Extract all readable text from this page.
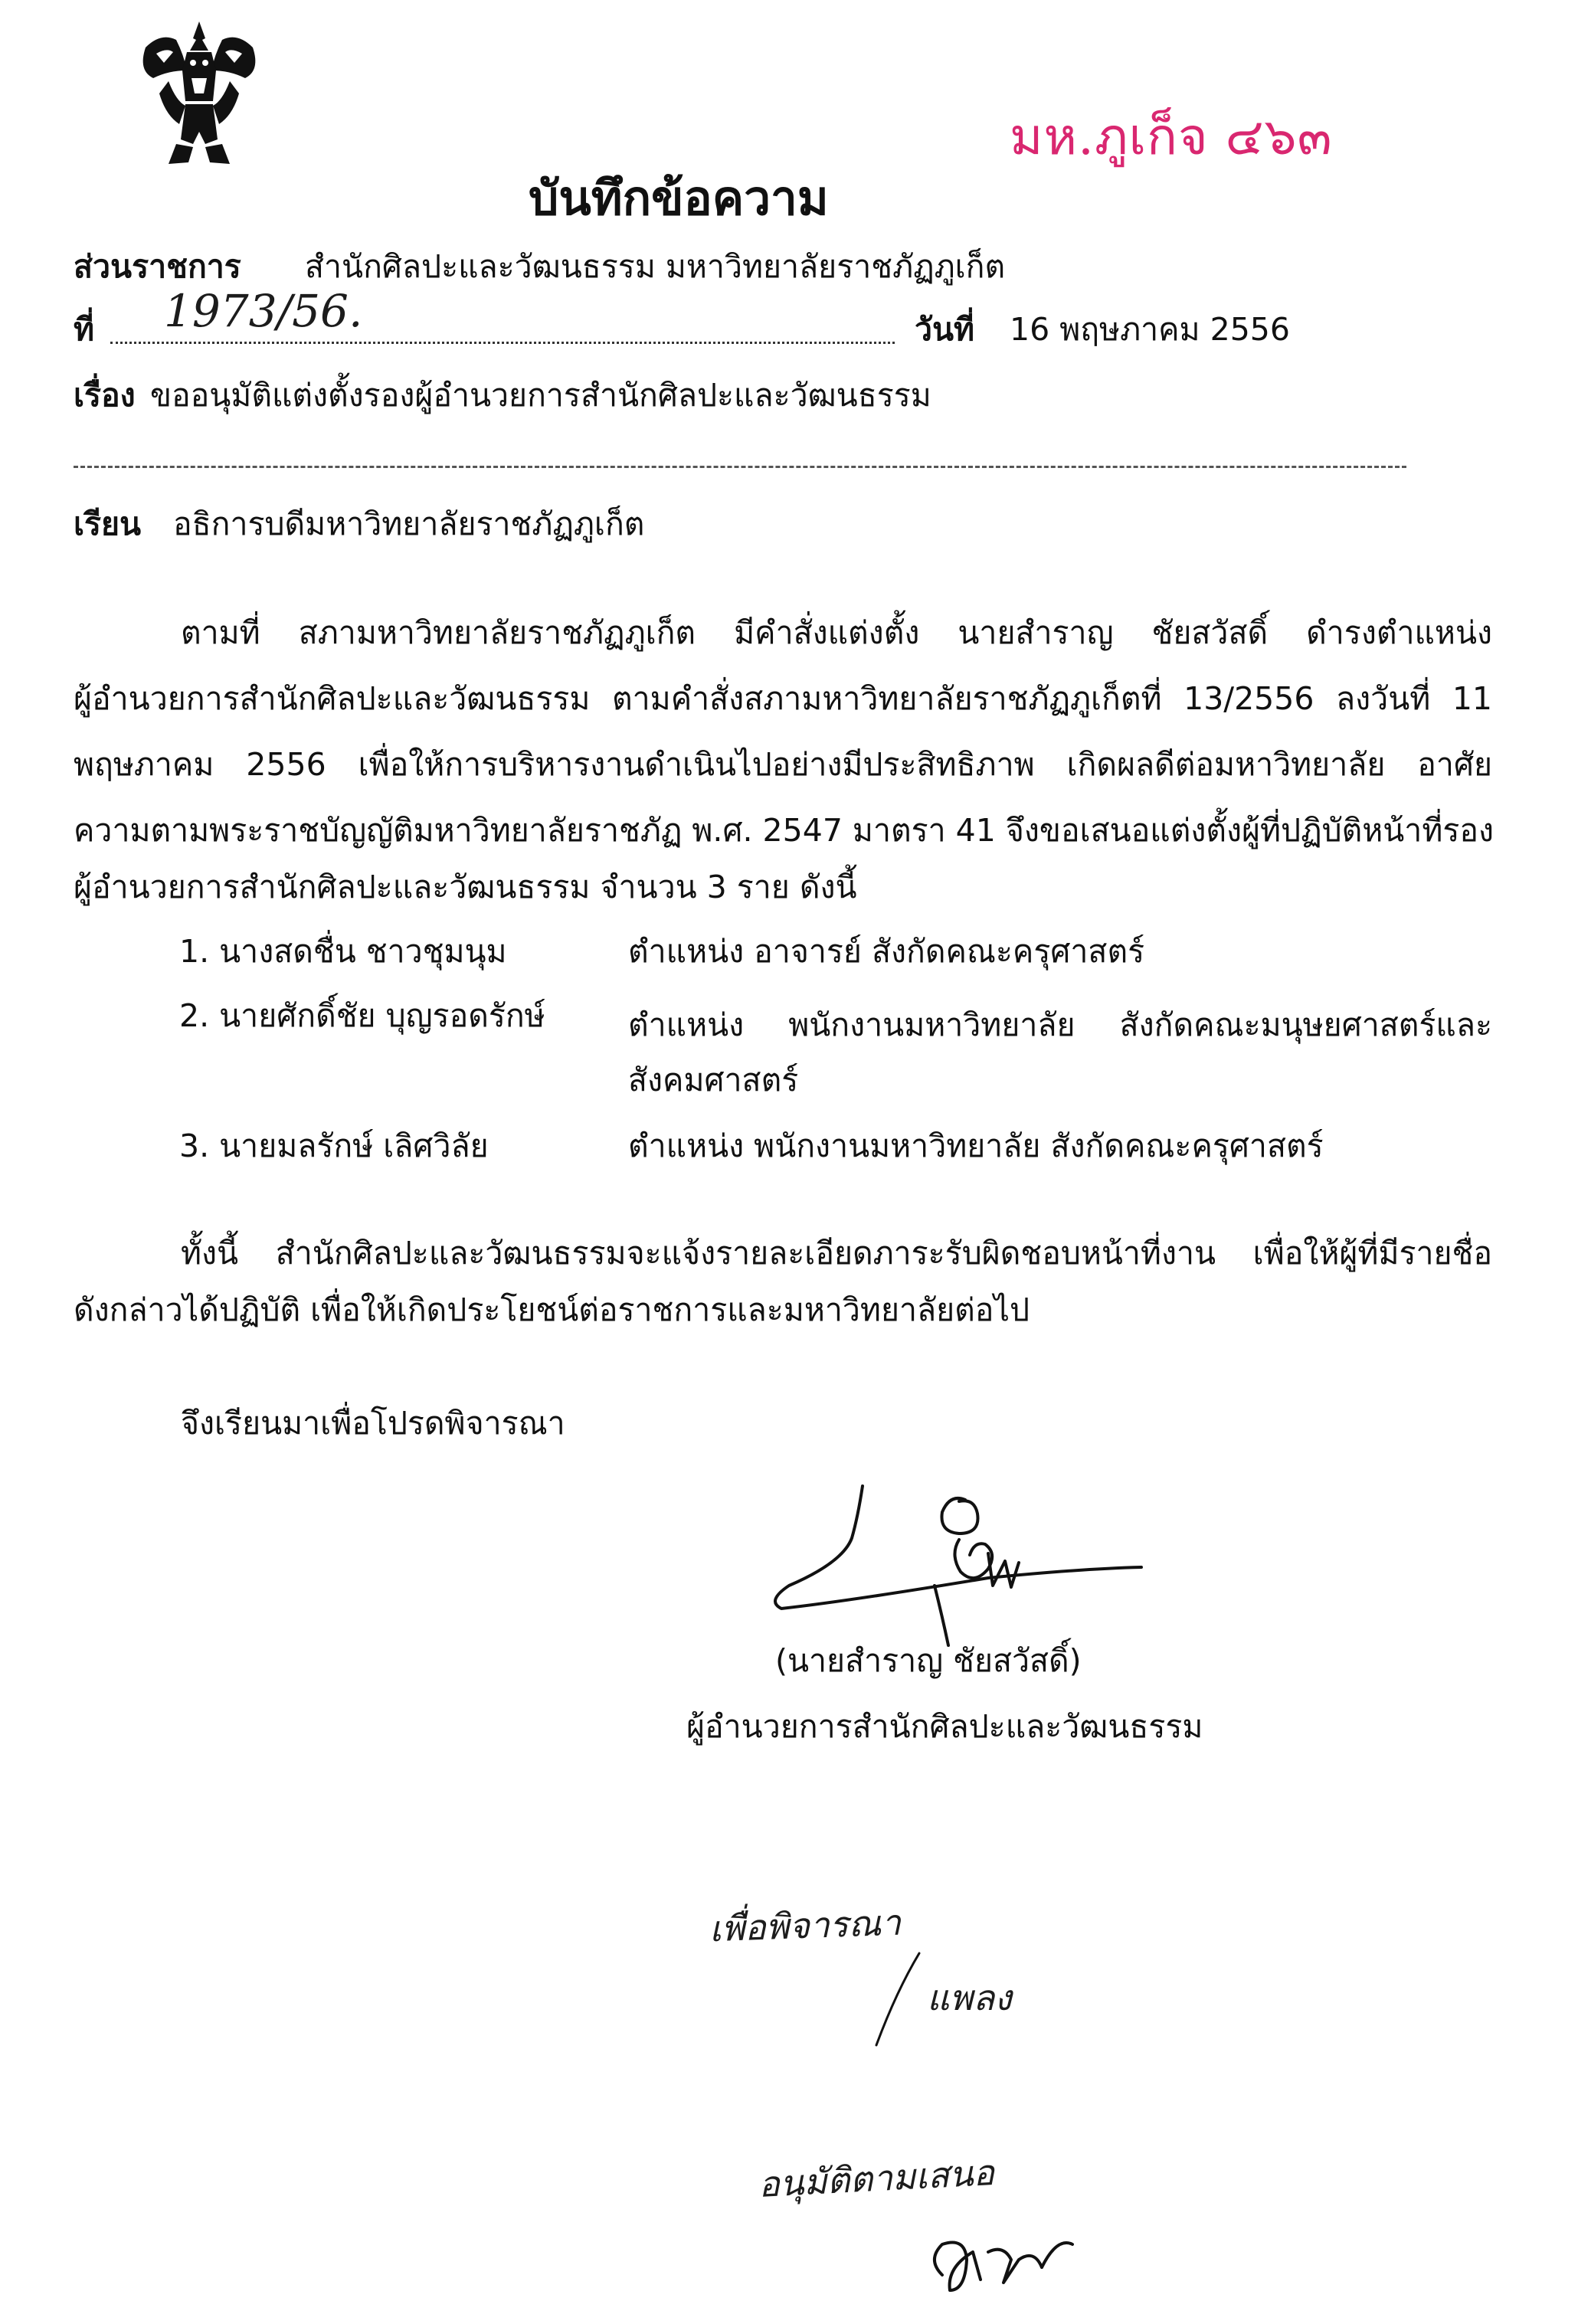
มห.ภูเก็จ ๔๖๓
บันทึกข้อความ
ส่วนราชการ สำนักศิลปะและวัฒนธรรม มหาวิทยาลัยราชภัฏภูเก็ต
ที่ 1973/56.	วันที่ 16 พฤษภาคม 2556
เรื่อง ขออนุมัติแต่งตั้งรองผู้อำนวยการสำนักศิลปะและวัฒนธรรม
เรียน อธิการบดีมหาวิทยาลัยราชภัฏภูเก็ต
ตามที่ สภามหาวิทยาลัยราชภัฏภูเก็ต มีคำสั่งแต่งตั้ง นายสำราญ ชัยสวัสดิ์ ดำรงตำแหน่ง
ผู้อำนวยการสำนักศิลปะและวัฒนธรรม ตามคำสั่งสภามหาวิทยาลัยราชภัฏภูเก็ตที่ 13/2556 ลงวันที่ 11
พฤษภาคม 2556 เพื่อให้การบริหารงานดำเนินไปอย่างมีประสิทธิภาพ เกิดผลดีต่อมหาวิทยาลัย อาศัย
ความตามพระราชบัญญัติมหาวิทยาลัยราชภัฏ พ.ศ. 2547 มาตรา 41 จึงขอเสนอแต่งตั้งผู้ที่ปฏิบัติหน้าที่รอง
ผู้อำนวยการสำนักศิลปะและวัฒนธรรม จำนวน 3 ราย ดังนี้
1. นางสดชื่น ชาวชุมนุม	ตำแหน่ง อาจารย์ สังกัดคณะครุศาสตร์
2. นายศักดิ์ชัย บุญรอดรักษ์	ตำแหน่ง พนักงานมหาวิทยาลัย สังกัดคณะมนุษยศาสตร์และ
สังคมศาสตร์
3. นายมลรักษ์ เลิศวิลัย	ตำแหน่ง พนักงานมหาวิทยาลัย สังกัดคณะครุศาสตร์
ทั้งนี้ สำนักศิลปะและวัฒนธรรมจะแจ้งรายละเอียดภาระรับผิดชอบหน้าที่งาน เพื่อให้ผู้ที่มีรายชื่อ
ดังกล่าวได้ปฏิบัติ เพื่อให้เกิดประโยชน์ต่อราชการและมหาวิทยาลัยต่อไป
จึงเรียนมาเพื่อโปรดพิจารณา
(นายสำราญ ชัยสวัสดิ์)
ผู้อำนวยการสำนักศิลปะและวัฒนธรรม
เพื่อพิจารณา
แพลง
อนุมัติตามเสนอ
